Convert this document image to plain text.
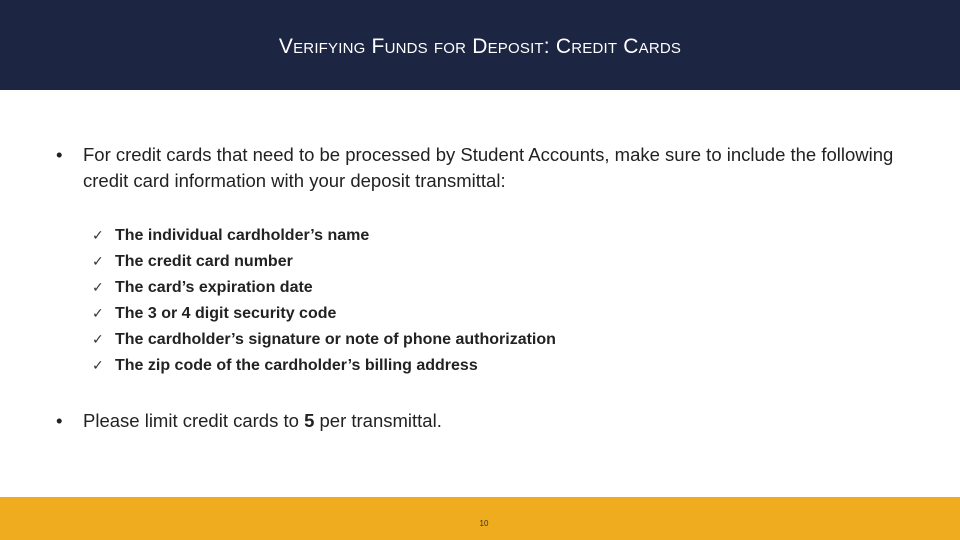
Verifying Funds for Deposit: Credit Cards
•	For credit cards that need to be processed by Student Accounts, make sure to include the following credit card information with your deposit transmittal:
✓ The individual cardholder’s name
✓ The credit card number
✓ The card’s expiration date
✓ The 3 or 4 digit security code
✓ The cardholder’s signature or note of phone authorization
✓ The zip code of the cardholder’s billing address
•	Please limit credit cards to 5 per transmittal.
10
